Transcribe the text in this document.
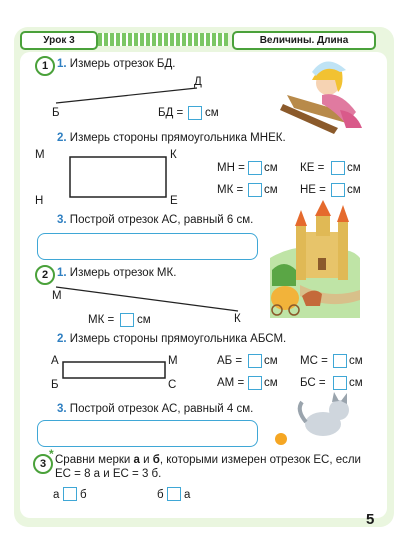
Урок 3	Величины. Длина
1 1. Измерь отрезок БД.
Д
Б	БД = см
2. Измерь стороны прямоугольника МНЕК.
М	К
Н	Е
МН = см КЕ = см
МК = см НЕ = см
3. Построй отрезок АС, равный 6 см.
2 1. Измерь отрезок МК.
М
К
МК = см
2. Измерь стороны прямоугольника АБСМ.
А	М
Б	С
АБ = см МС = см
АМ = см БС = см
3. Построй отрезок АС, равный 4 см.
3
* Сравни мерки а и б, которыми измерен отрезок ЕС, если
ЕС = 8 а и ЕС = 3 б.
а б	б а
5
